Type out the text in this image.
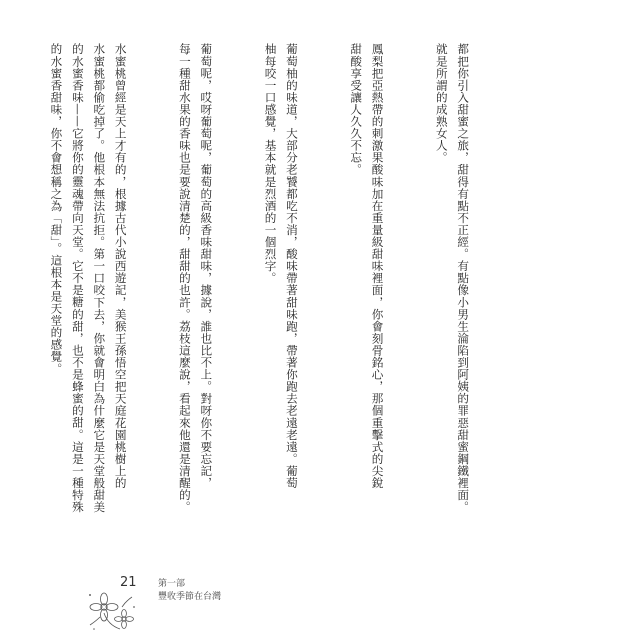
都把你引入甜蜜之旅，甜得有點不正經。有點像小男生淪陷到阿姨的罪惡甜蜜鋼鐵裡面。
就是所謂的成熟女人。

鳳梨把亞熱帶的刺激果酸味加在重量級甜味裡面，你會刻骨銘心，那個重擊式的尖銳
甜酸享受讓人久久不忘。

葡萄柚的味道，大部分老饕都吃不消，酸味帶著甜味跑，帶著你跑去老遠老遠。葡萄
柚每咬一口感覺，基本就是烈酒的一個烈字。

葡萄呢，哎呀葡萄呢，葡萄的高級香味甜味，據說，誰也比不上。對呀你不要忘記，
每一種甜水果的香味也是要說清楚的，甜甜的也許。荔枝這麼說，看起來他還是清醒的。

水蜜桃曾經是天上才有的，根據古代小說西遊記，美猴王孫悟空把天庭花園桃樹上的
水蜜桃都偷吃掉了。他根本無法抗拒。第一口咬下去，你就會明白為什麼它是天堂般甜美
的水蜜香味——它將你的靈魂帶向天堂。它不是糖的甜，也不是蜂蜜的甜。這是一種特殊
的水蜜香甜味，你不會想稱之為「甜」。這根本是天堂的感覺。

21 第一部
豐收季節在台灣
